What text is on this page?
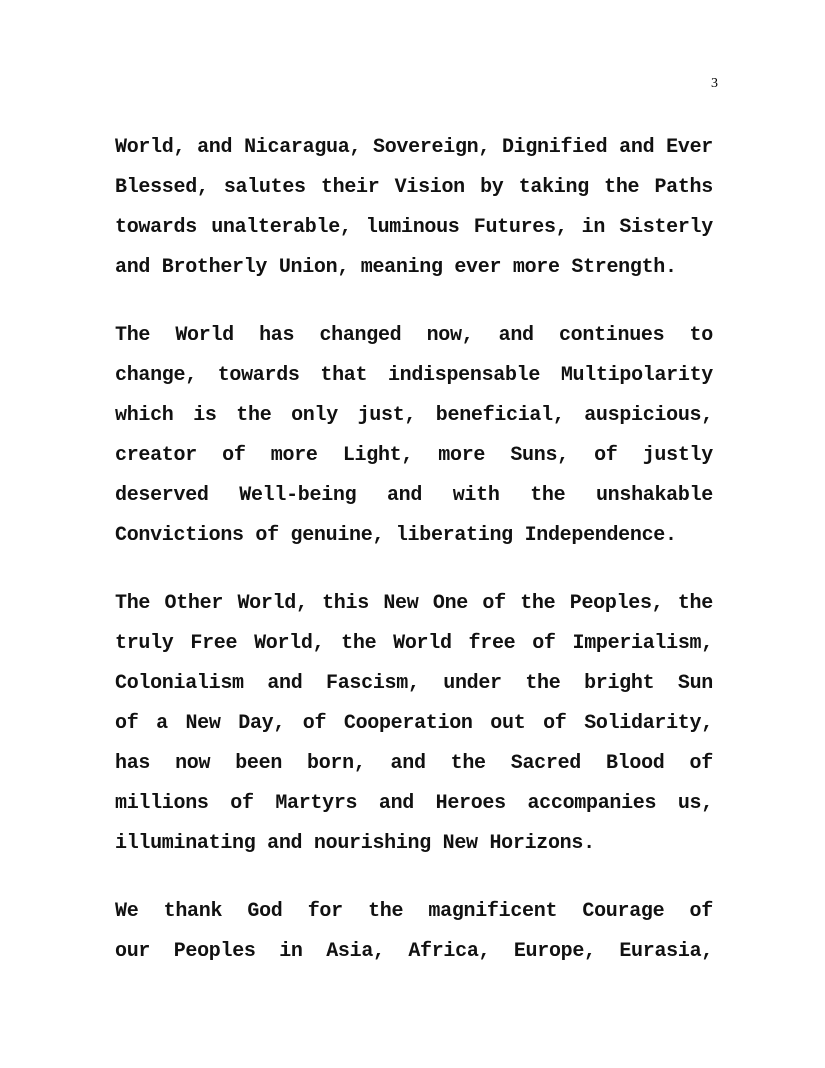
3

World, and Nicaragua, Sovereign, Dignified and Ever
Blessed, salutes their Vision by taking the Paths
towards unalterable, luminous Futures, in Sisterly
and Brotherly Union, meaning ever more Strength.

The World has changed now, and continues to
change, towards that indispensable Multipolarity
which is the only just, beneficial, auspicious,
creator of more Light, more Suns, of justly
deserved Well-being and with the unshakable
Convictions of genuine, liberating Independence.

The Other World, this New One of the Peoples, the
truly Free World, the World free of Imperialism,
Colonialism and Fascism, under the bright Sun
of a New Day, of Cooperation out of Solidarity,
has now been born, and the Sacred Blood of
millions of Martyrs and Heroes accompanies us,
illuminating and nourishing New Horizons.

We thank God for the magnificent Courage of
our Peoples in Asia, Africa, Europe, Eurasia,
